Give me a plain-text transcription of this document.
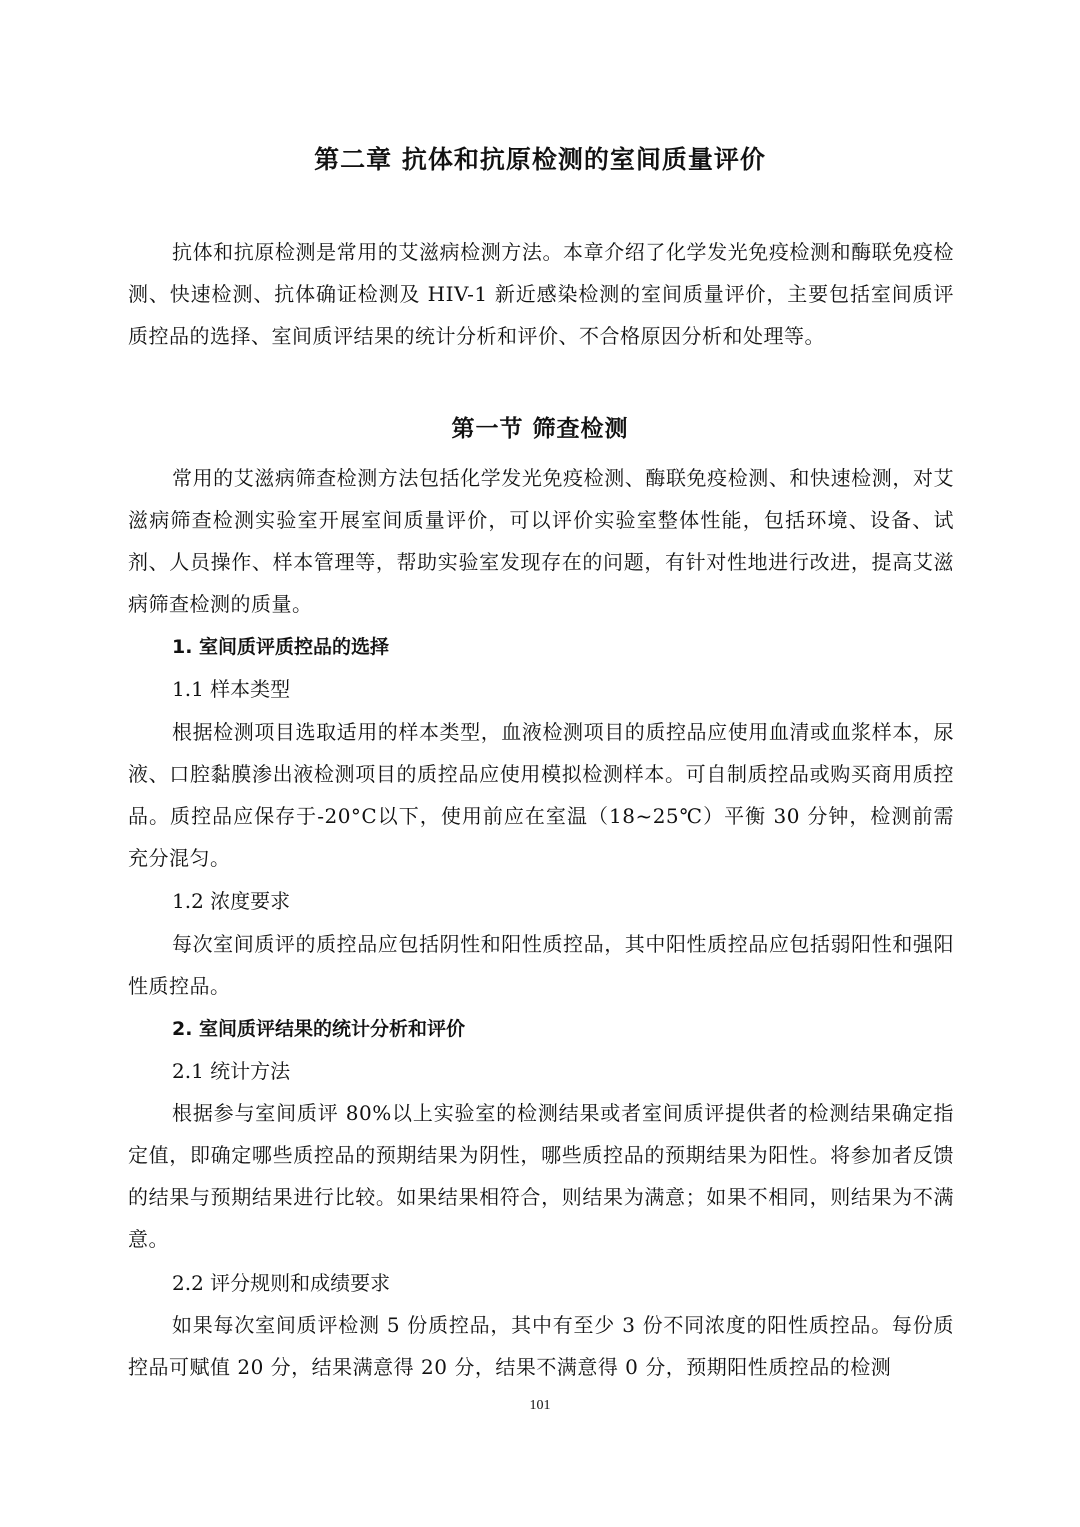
第二章 抗体和抗原检测的室间质量评价

抗体和抗原检测是常用的艾滋病检测方法。本章介绍了化学发光免疫检测和酶联免疫检测、快速检测、抗体确证检测及 HIV-1 新近感染检测的室间质量评价，主要包括室间质评质控品的选择、室间质评结果的统计分析和评价、不合格原因分析和处理等。

第一节 筛查检测

常用的艾滋病筛查检测方法包括化学发光免疫检测、酶联免疫检测、和快速检测，对艾滋病筛查检测实验室开展室间质量评价，可以评价实验室整体性能，包括环境、设备、试剂、人员操作、样本管理等，帮助实验室发现存在的问题，有针对性地进行改进，提高艾滋病筛查检测的质量。

1. 室间质评质控品的选择

1.1 样本类型

根据检测项目选取适用的样本类型，血液检测项目的质控品应使用血清或血浆样本，尿液、口腔黏膜渗出液检测项目的质控品应使用模拟检测样本。可自制质控品或购买商用质控品。质控品应保存于-20°C以下，使用前应在室温（18~25℃）平衡 30 分钟，检测前需充分混匀。

1.2 浓度要求

每次室间质评的质控品应包括阴性和阳性质控品，其中阳性质控品应包括弱阳性和强阳性质控品。

2. 室间质评结果的统计分析和评价

2.1 统计方法

根据参与室间质评 80%以上实验室的检测结果或者室间质评提供者的检测结果确定指定值，即确定哪些质控品的预期结果为阴性，哪些质控品的预期结果为阳性。将参加者反馈的结果与预期结果进行比较。如果结果相符合，则结果为满意；如果不相同，则结果为不满意。

2.2 评分规则和成绩要求

如果每次室间质评检测 5 份质控品，其中有至少 3 份不同浓度的阳性质控品。每份质控品可赋值 20 分，结果满意得 20 分，结果不满意得 0 分，预期阳性质控品的检测

101
